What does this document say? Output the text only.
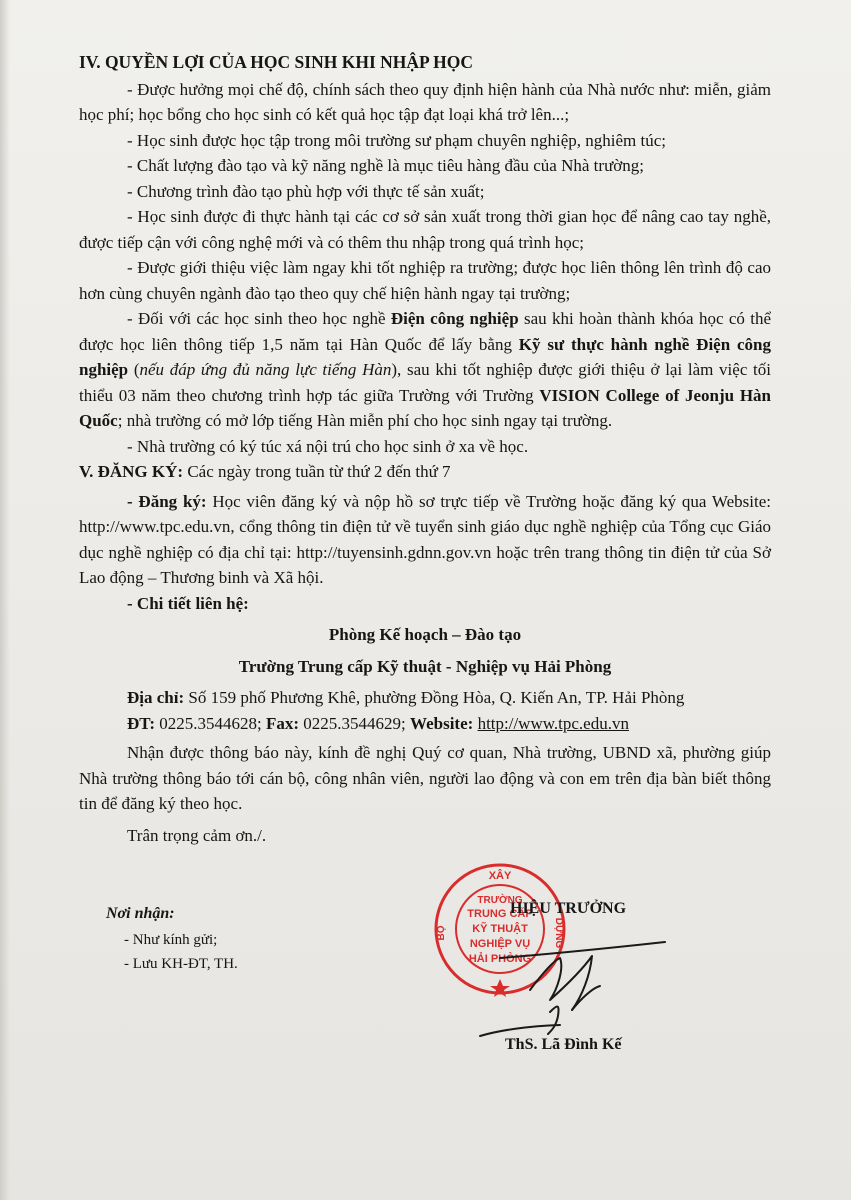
IV. QUYỀN LỢI CỦA HỌC SINH KHI NHẬP HỌC

- Được hưởng mọi chế độ, chính sách theo quy định hiện hành của Nhà nước như: miễn, giảm học phí; học bổng cho học sinh có kết quả học tập đạt loại khá trở lên...;

- Học sinh được học tập trong môi trường sư phạm chuyên nghiệp, nghiêm túc;

- Chất lượng đào tạo và kỹ năng nghề là mục tiêu hàng đầu của Nhà trường;

- Chương trình đào tạo phù hợp với thực tế sản xuất;

- Học sinh được đi thực hành tại các cơ sở sản xuất trong thời gian học để nâng cao tay nghề, được tiếp cận với công nghệ mới và có thêm thu nhập trong quá trình học;

- Được giới thiệu việc làm ngay khi tốt nghiệp ra trường; được học liên thông lên trình độ cao hơn cùng chuyên ngành đào tạo theo quy chế hiện hành ngay tại trường;

- Đối với các học sinh theo học nghề Điện công nghiệp sau khi hoàn thành khóa học có thể được học liên thông tiếp 1,5 năm tại Hàn Quốc để lấy bằng Kỹ sư thực hành nghề Điện công nghiệp (nếu đáp ứng đủ năng lực tiếng Hàn), sau khi tốt nghiệp được giới thiệu ở lại làm việc tối thiểu 03 năm theo chương trình hợp tác giữa Trường với Trường VISION College of Jeonju Hàn Quốc; nhà trường có mở lớp tiếng Hàn miễn phí cho học sinh ngay tại trường.

- Nhà trường có ký túc xá nội trú cho học sinh ở xa về học.

V. ĐĂNG KÝ: Các ngày trong tuần từ thứ 2 đến thứ 7

- Đăng ký: Học viên đăng ký và nộp hồ sơ trực tiếp về Trường hoặc đăng ký qua Website: http://www.tpc.edu.vn, cổng thông tin điện tử về tuyển sinh giáo dục nghề nghiệp của Tổng cục Giáo dục nghề nghiệp có địa chỉ tại: http://tuyensinh.gdnn.gov.vn hoặc trên trang thông tin điện tử của Sở Lao động – Thương binh và Xã hội.

- Chi tiết liên hệ:

Phòng Kế hoạch – Đào tạo

Trường Trung cấp Kỹ thuật - Nghiệp vụ Hải Phòng

Địa chỉ: Số 159 phố Phương Khê, phường Đồng Hòa, Q. Kiến An, TP. Hải Phòng

ĐT: 0225.3544628; Fax: 0225.3544629; Website: http://www.tpc.edu.vn

Nhận được thông báo này, kính đề nghị Quý cơ quan, Nhà trường, UBND xã, phường giúp Nhà trường thông báo tới cán bộ, công nhân viên, người lao động và con em trên địa bàn biết thông tin để đăng ký theo học.

Trân trọng cảm ơn./.

Nơi nhận:
- Như kính gửi;
- Lưu KH-ĐT, TH.
XÂY
BỘ	DỰNG
TRƯỜNG
TRUNG CẤP
KỸ THUẬT
NGHIỆP VỤ
HẢI PHÒNG
HIỆU TRƯỞNG
ThS. Lã Đình Kế
